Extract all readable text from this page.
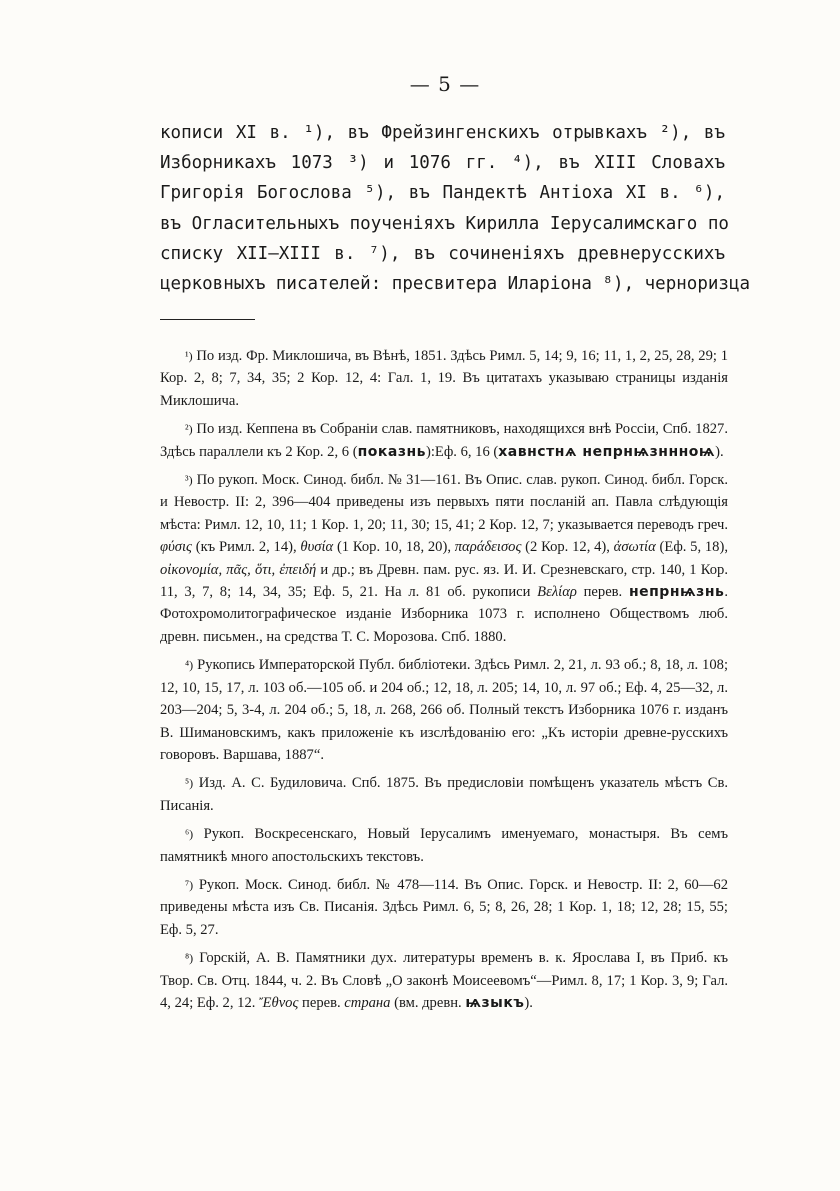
— 5 —
кописи XI в. ¹), въ Фрейзингенскихъ отрывкахъ ²), въ
Изборникахъ 1073 ³) и 1076 гг. ⁴), въ XIII Словахъ
Григорія Богослова ⁵), въ Пандектѣ Антіоха XI в. ⁶),
въ Огласительныхъ поученіяхъ Кирилла Іерусалимскаго по
списку XII—XIII в. ⁷), въ сочиненіяхъ древнерусскихъ
церковныхъ писателей: пресвитера Иларіона ⁸), черноризца

¹) По изд. Фр. Миклошича, въ Вѣнѣ, 1851. Здѣсь Римл. 5, 14; 9, 16; 11, 1, 2, 25, 28, 29; 1 Кор. 2, 8; 7, 34, 35; 2 Кор. 12, 4: Гал. 1, 19. Въ цитатахъ указываю страницы изданія Миклошича.

²) По изд. Кеппена въ Собраніи слав. памятниковъ, находящихся внѣ Россіи, Спб. 1827. Здѣсь параллели къ 2 Кор. 2, 6 (показнь):Еф. 6, 16 (хавнстнѧ непрнѩзннноѩ).

³) По рукоп. Моск. Синод. библ. № 31—161. Въ Опис. слав. рукоп. Синод. библ. Горск. и Невостр. II: 2, 396—404 приведены изъ первыхъ пяти посланій ап. Павла слѣдующія мѣста: Римл. 12, 10, 11; 1 Кор. 1, 20; 11, 30; 15, 41; 2 Кор. 12, 7; указывается переводъ греч. φύσις (къ Римл. 2, 14), θυσία (1 Кор. 10, 18, 20), παράδεισος (2 Кор. 12, 4), ἀσωτία (Еф. 5, 18), οἰκονομία, πᾶς, ὅτι, ἐπειδή и др.; въ Древн. пам. рус. яз. И. И. Срезневскаго, стр. 140, 1 Кор. 11, 3, 7, 8; 14, 34, 35; Еф. 5, 21. На л. 81 об. рукописи Βελίαρ перев. непрнѩзнь. Фотохромолитографическое изданіе Изборника 1073 г. исполнено Обществомъ люб. древн. письмен., на средства Т. С. Морозова. Спб. 1880.

⁴) Рукопись Императорской Публ. библіотеки. Здѣсь Римл. 2, 21, л. 93 об.; 8, 18, л. 108; 12, 10, 15, 17, л. 103 об.—105 об. и 204 об.; 12, 18, л. 205; 14, 10, л. 97 об.; Еф. 4, 25—32, л. 203—204; 5, 3-4, л. 204 об.; 5, 18, л. 268, 266 об. Полный текстъ Изборника 1076 г. изданъ В. Шимановскимъ, какъ приложеніе къ изслѣдованію его: „Къ исторіи древне-русскихъ говоровъ. Варшава, 1887“.

⁵) Изд. А. С. Будиловича. Спб. 1875. Въ предисловіи помѣщенъ указатель мѣстъ Св. Писанія.

⁶) Рукоп. Воскресенскаго, Новый Іерусалимъ именуемаго, монастыря. Въ семъ памятникѣ много апостольскихъ текстовъ.

⁷) Рукоп. Моск. Синод. библ. № 478—114. Въ Опис. Горск. и Невостр. II: 2, 60—62 приведены мѣста изъ Св. Писанія. Здѣсь Римл. 6, 5; 8, 26, 28; 1 Кор. 1, 18; 12, 28; 15, 55; Еф. 5, 27.

⁸) Горскій, А. В. Памятники дух. литературы временъ в. к. Ярослава I, въ Приб. къ Твор. Св. Отц. 1844, ч. 2. Въ Словѣ „О законѣ Моисеевомъ“—Римл. 8, 17; 1 Кор. 3, 9; Гал. 4, 24; Еф. 2, 12. Ἔθνος перев. страна (вм. древн. ѩзыкъ).
